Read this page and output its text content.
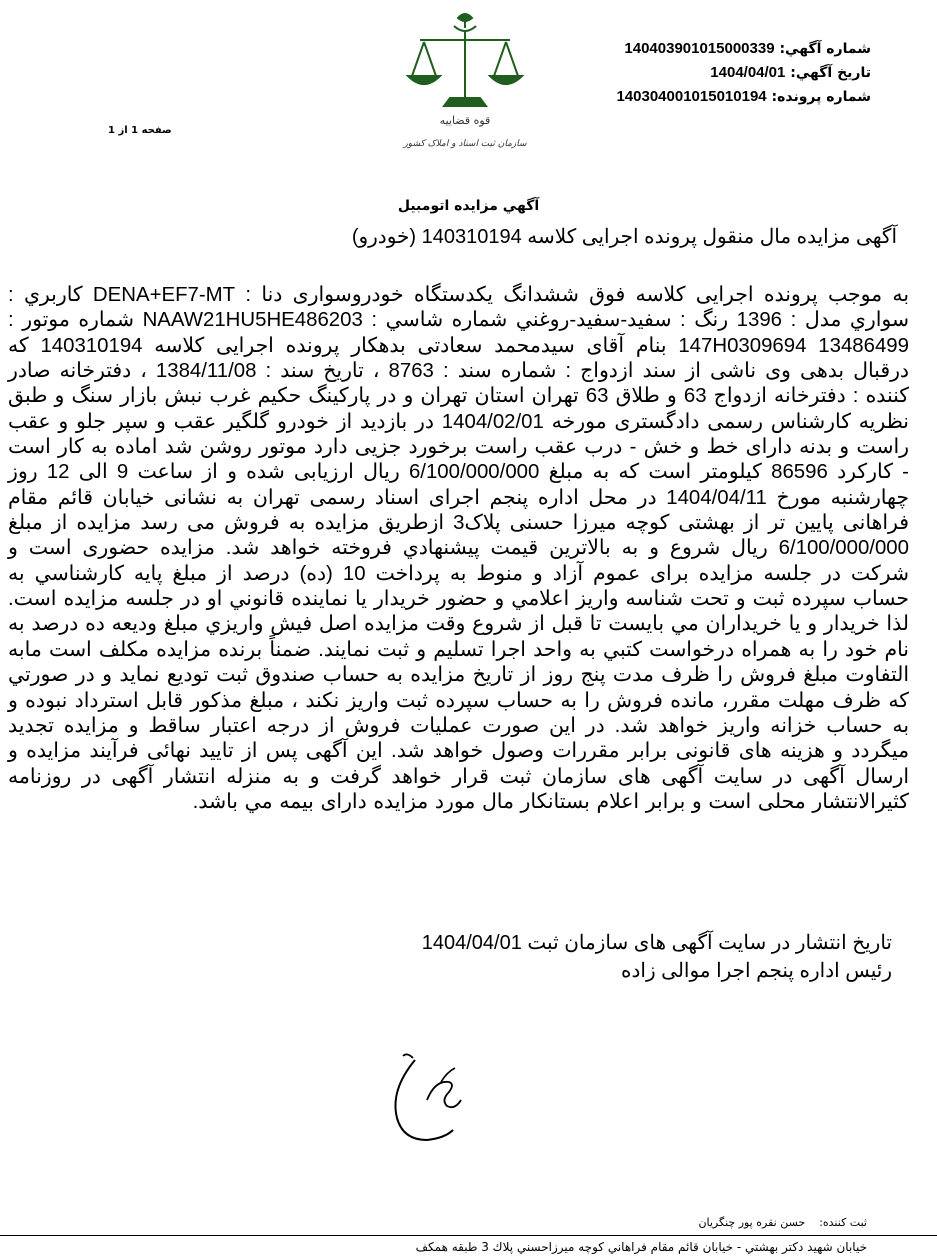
قوه قضاییه
سازمان ثبت اسناد و املاک کشور
شماره آگهي: 140403901015000339
تاريخ آگهي: 1404/04/01
شماره پرونده: 140304001015010194
صفحه 1 از 1
آگهي مزايده اتومبيل
آگهی مزایده مال منقول پرونده اجرایی کلاسه 140310194 (خودرو)
به موجب پرونده اجرایی کلاسه فوق ششدانگ یکدستگاه خودروسواری دنا : DENA+EF7-MT کاربري : سواري مدل : 1396 رنگ : سفيد-سفيد-روغني شماره شاسي : NAAW21HU5HE486203 شماره موتور : 13486499 147H0309694 بنام آقای سیدمحمد سعادتی بدهکار پرونده اجرایی کلاسه 140310194 که درقبال بدهی وی ناشی از سند ازدواج : شماره سند : 8763 ، تاریخ سند : 1384/11/08 ، دفترخانه صادر کننده : دفترخانه ازدواج 63 و طلاق 63 تهران استان تهران و در پارکینگ حکیم غرب نبش بازار سنگ و طبق نظریه کارشناس رسمی دادگستری مورخه 1404/02/01 در بازدید از خودرو گلگیر عقب و سپر جلو و عقب راست و بدنه دارای خط و خش - درب عقب راست برخورد جزیی دارد موتور روشن شد اماده به کار است - کارکرد 86596 کیلومتر است که به مبلغ 6/100/000/000 ریال ارزیابی شده و از ساعت 9 الی 12 روز چهارشنبه مورخ 1404/04/11 در محل اداره پنجم اجرای اسناد رسمی تهران به نشانی خیابان قائم مقام فراهانی پایین تر از بهشتی کوچه میرزا حسنی پلاک3 ازطریق مزایده به فروش می رسد مزایده از مبلغ 6/100/000/000 ریال شروع و به بالاترین قیمت پیشنهادي فروخته خواهد شد. مزایده حضوری است و شرکت در جلسه مزایده برای عموم آزاد و منوط به پرداخت 10 (ده) درصد از مبلغ پايه كارشناسي به حساب سپرده ثبت و تحت شناسه واريز اعلامي و حضور خريدار يا نماينده قانوني او در جلسه مزايده است. لذا خريدار و يا خريداران مي بايست تا قبل از شروع وقت مزايده اصل فيش واريزي مبلغ وديعه ده درصد به نام خود را به همراه درخواست كتبي به واحد اجرا تسليم و ثبت نمايند. ضمناً برنده مزايده مكلف است مابه التفاوت مبلغ فروش را ظرف مدت پنج روز از تاريخ مزايده به حساب صندوق ثبت توديع نمايد و در صورتي كه ظرف مهلت مقرر، مانده فروش را به حساب سپرده ثبت واريز نكند ، مبلغ مذكور قابل استرداد نبوده و به حساب خزانه واريز خواهد شد. در این صورت عملیات فروش از درجه اعتبار ساقط و مزایده تجدید میگردد و هزینه های قانونی برابر مقررات وصول خواهد شد. این آگهی پس از تایید نهائی فرآیند مزایده و ارسال آگهی در سایت آگهی های سازمان ثبت قرار خواهد گرفت و به منزله انتشار آگهی در روزنامه کثیرالانتشار محلی است و برابر اعلام بستانکار مال مورد مزایده دارای بيمه مي باشد.
تاریخ انتشار در سایت آگهی های سازمان ثبت 1404/04/01
رئیس اداره پنجم اجرا موالی زاده
ثبت كننده:    حسن نقره پور چنگريان
خيابان شهيد دكتر بهشتي - خيابان قائم مقام فراهاني كوچه ميرزاحسني پلاك 3 طبقه همكف
